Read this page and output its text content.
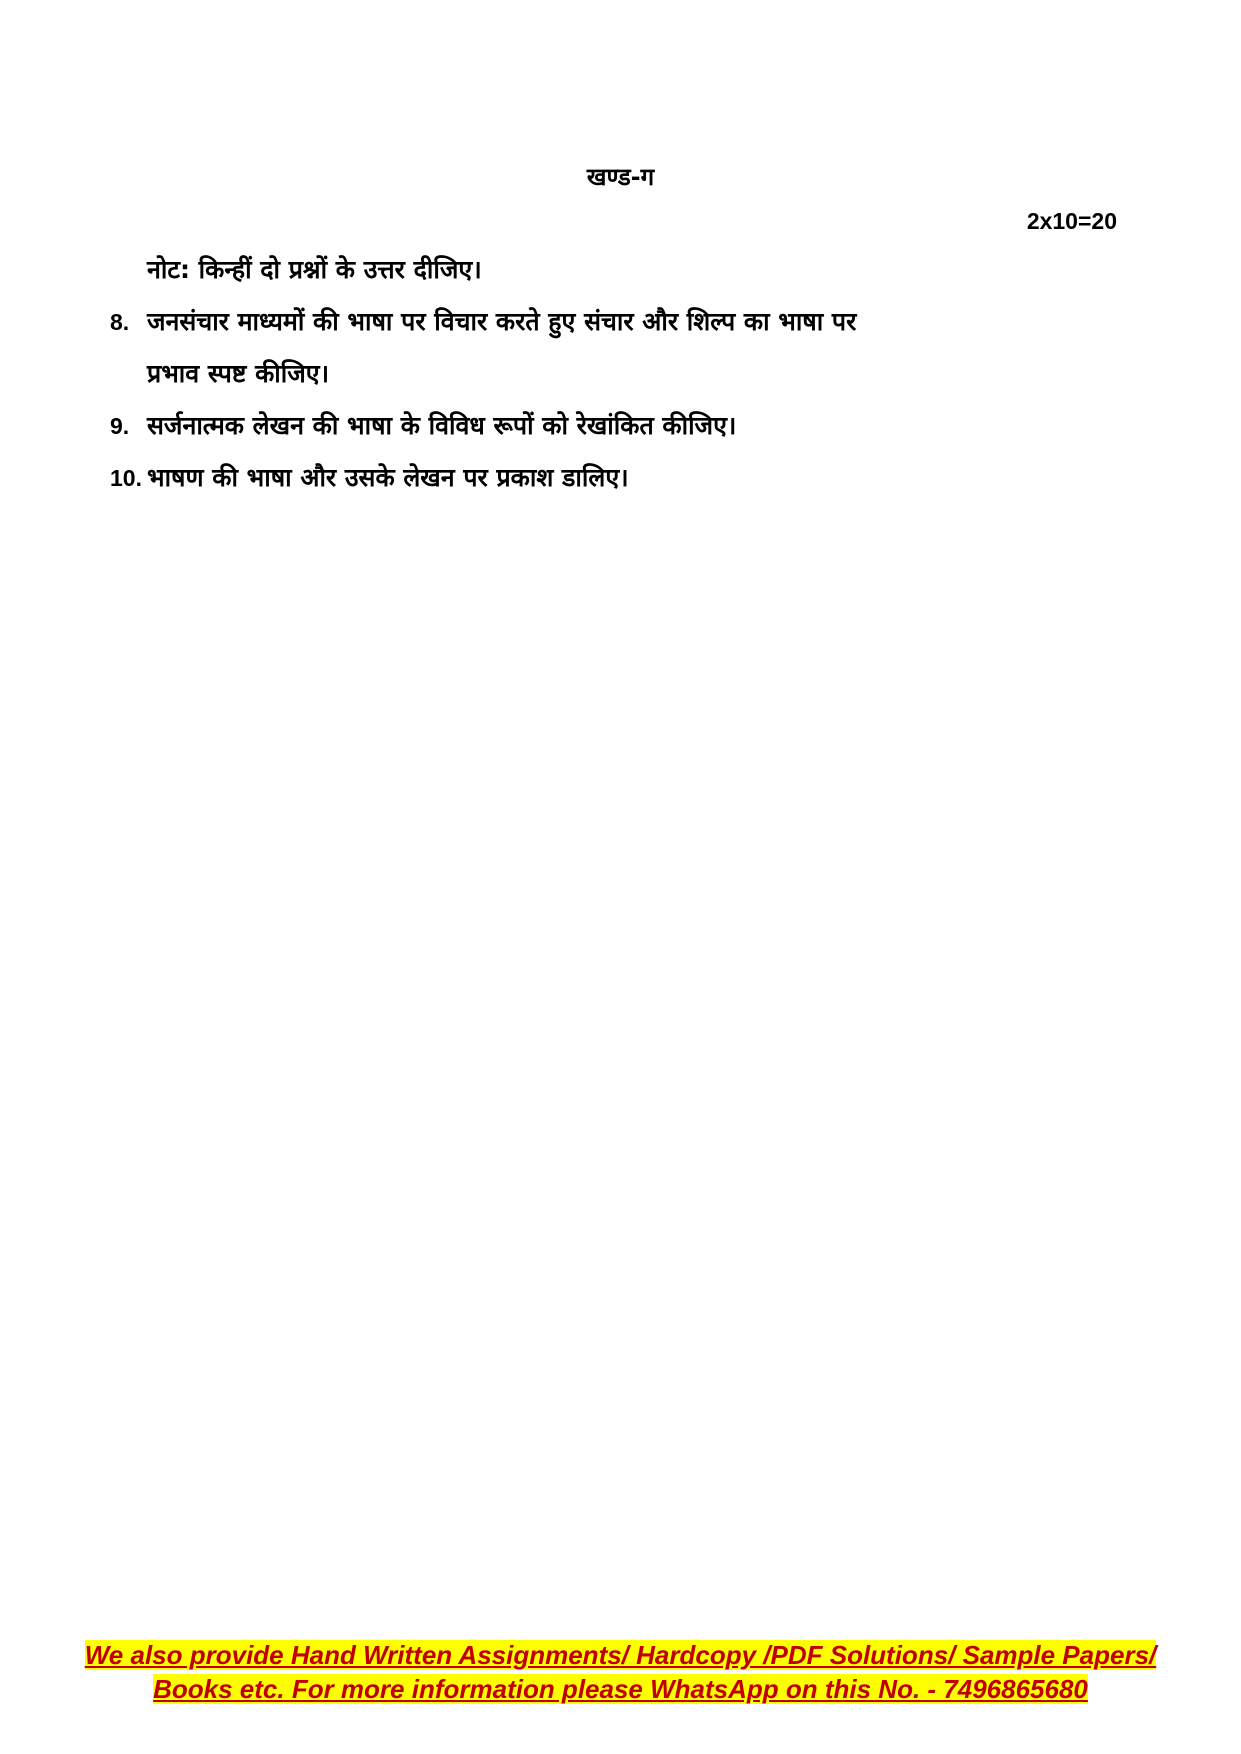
खण्ड-ग
2x10=20
नोट: किन्हीं दो प्रश्नों के उत्तर दीजिए।
8. जनसंचार माध्यमों की भाषा पर विचार करते हुए संचार और शिल्प का भाषा पर
प्रभाव स्पष्ट कीजिए।
9. सर्जनात्मक लेखन की भाषा के विविध रूपों को रेखांकित कीजिए।
10. भाषण की भाषा और उसके लेखन पर प्रकाश डालिए।
We also provide Hand Written Assignments/ Hardcopy /PDF Solutions/ Sample Papers/
Books etc. For more information please WhatsApp on this No. - 7496865680
